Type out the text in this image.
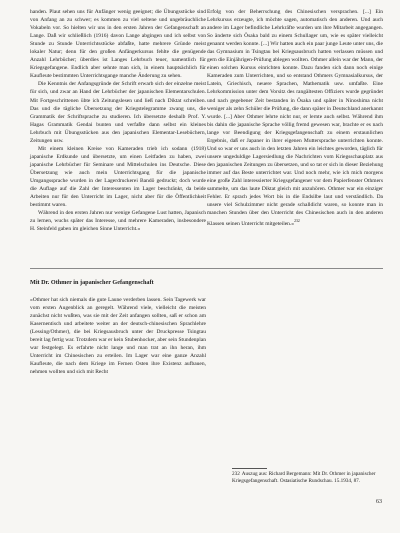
handen. Plaut sehen uns für Anfänger wenig geeignet; die Übungsstücke sind von Anfang an zu schwer; es kommen zu viel seltene und ungebräuchliche Vokabeln vor. So hielten wir uns in den ersten Jahren der Gefangenschaft an Lange. Daß wir schließlich (1916) davon Lange abgingen und ich selbst von Stunde zu Stunde Unterrichtsstücke abfaßte, hatte mehrere Gründe meist lokaler Natur; denn für den großen Anfängerkursus fehlte die genügende Anzahl Lehrbücher; überdies ist Langes Lehrbuch teuer, namentlich für Kriegsgefangene. Endlich aber sehnte man sich, in einem hauptsächlich für Kaufleute bestimmten Unterrichtsgange manche Änderung zu sehen.

Die Kenntnis der Anfangsgründe der Schrift erwarb sich der einzelne meist für sich, und zwar an Hand der Lehrbücher der japanischen Elementarschulen. Mit Fortgeschrittenen übte ich Zeitungslesen und ließ nach Diktat schreiben. Das und die tägliche Übersetzung der Kriegstelegramme zwang uns, die Grammatik der Schriftsprache zu studieren. Ich übersetzte deshalb Prof. Y. Hagas Grammatik Gendai bunten und verfaßte dann selbst ein kleines Lehrbuch mit Übungsstücken aus den japanischen Elementar-Lesebüchern, Zeitungen usw.

Mit einem kleinen Kreise von Kameraden trieb ich sodann (1918) japanische Erdkunde und übersetzte, um einen Leitfaden zu haben, zwei japanische Lehrbücher für Seminare und Mittelschulen ins Deutsche. Diese Übersetzung wie auch mein Unterrichtsgang für die japanische Umgangssprache wurden in der Lagerdruckerei Bandō gedruckt; doch wurde die Auflage auf die Zahl der Interessenten im Lager beschränkt, da beide Arbeiten nur für den Unterricht im Lager, nicht aber für die Öffentlichkeit bestimmt waren.

Während in den ersten Jahren nur wenige Gefangene Lust hatten, Japanisch zu lernen, wuchs später das Interesse, und mehrere Kameraden, insbesondere H. Steinfeld gaben im gleichen Sinne Unterricht.»

Erfolg von der Beherrschung des Chinesischen versprachen. [...] Ein Lehrkursus erzeugte, ich möchte sagen, automatisch den anderen. Und auch andere im Lager befindliche Lehrkräfte wurden um ihre Mitarbeit angegangen. So änderte sich Ōsaka bald zu einem Schullager um, wie es später vielleicht genannt werden konnte. [...] Wir hatten auch ein paar junge Leute unter uns, die das Gymnasium in Tsingtau bei Kriegsausbruch hatten verlassen müssen und gern die Einjährigen-Prüfung ablegen wollten. Othmer allein war der Mann, der einen solchen Kursus einrichten konnte. Dazu fanden sich dann noch einige Kameraden zum Unterrichten, und so entstand Othmers Gymnasialkursus, der Latein, Griechisch, neuere Sprachen, Mathematik usw. umfaßte. Eine Lehrkommission unter dem Vorsitz des rangältesten Offiziers wurde gegründet und nach gegebener Zeit bestanden in Ōsaka und später in Ninoshima nicht weniger als zehn Schüler die Prüfung, die dann später in Deutschland anerkannt wurde. [...] Aber Othmer lehrte nicht nur, er lernte auch selbst. Während ihm bis dahin die japanische Sprache völlig fremd gewesen war, brachte er es nach lange vor Beendigung der Kriegsgefangenschaft zu einem erstaunlichen Ergebnis, daß er Japaner in ihrer eigenen Muttersprache unterrichten konnte. Und so war er uns auch in den letzten Jahren ein leichtes geworden, täglich für unsere ungeduldige Lagersiedlung die Nachrichten vom Kriegsschauplatz aus den japanischen Zeitungen zu übersetzen, und so tat er sich in dieser Beziehung immer auf das Beste unterrichtet war. Und noch mehr, wie ich mich morgens eine große Zahl interessierter Kriegsgefangener vor dem Papierfenster Othmers sammelte, um das laute Diktat gleich mit anzuhören. Othmer war ein einziger Fehler. Er sprach jedes Wort bis in die Endsilbe laut und verständlich. Da unsere viel Schulzimmer nicht gerade schalldicht waren, so konnte man in manchen Stunden über den Unterricht des Chinesischen auch in den anderen Klassen seinen Unterricht mitgeteilen.»$^{232}$

Mit Dr. Othmer in japanischer Gefangenschaft

«Othmer hat sich niemals die gute Laune verderben lassen. Sein Tagewerk war vom ersten Augenblick an geregelt. Während viele, vielleicht die meisten zunächst nicht wußten, was sie mit der Zeit anfangen sollten, saß er schon am Kasernentisch und arbeitete weiter an der deutsch-chinesischen Sprachlehre (Lessing/Othmer), die bei Kriegsausbruch unter der Druckpresse Tsingtau bereit lag fertig war. Trotzdem war er kein Stubenhocker, aber sein Stundenplan war festgelegt. Es erfahrte nicht lange und man trat an ihn heran, ihm Unterricht im Chinesischen zu erteilen. Im Lager war eine ganze Anzahl Kaufleute, die nach dem Kriege im Fernen Osten ihre Existenz aufbauen, nehmen wollten und sich mit Recht

232 Auszug aus: Richard Bergemann: Mit Dr. Othmer in japanischer Kriegsgefangenschaft. Ostasiatische Rundschau. 15.1934, 87.

63
